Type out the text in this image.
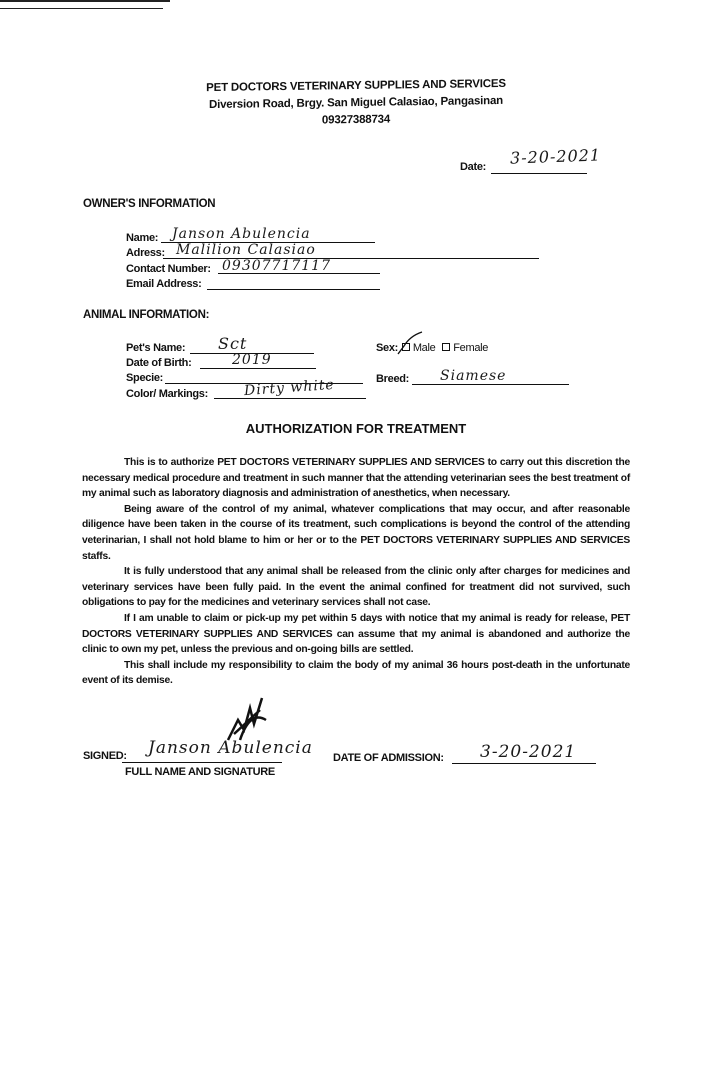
PET DOCTORS VETERINARY SUPPLIES AND SERVICES
Diversion Road, Brgy. San Miguel Calasiao, Pangasinan
09327388734
Date: 3-20-2021
OWNER'S INFORMATION
Name: Janson Abulencia
Adress: Malilion Calasiao
Contact Number: 09307717117
Email Address:
ANIMAL INFORMATION:
Pet's Name: Sct
Date of Birth:	2019
Specie:
Color/ Markings:	Dirty white
Sex: Male Female
Breed: Siamese
AUTHORIZATION FOR TREATMENT

This is to authorize PET DOCTORS VETERINARY SUPPLIES AND SERVICES to carry out this discretion the necessary medical procedure and treatment in such manner that the attending veterinarian sees the best treatment of my animal such as laboratory diagnosis and administration of anesthetics, when necessary.

Being aware of the control of my animal, whatever complications that may occur, and after reasonable diligence have been taken in the course of its treatment, such complications is beyond the control of the attending veterinarian, I shall not hold blame to him or her or to the PET DOCTORS VETERINARY SUPPLIES AND SERVICES staffs.

It is fully understood that any animal shall be released from the clinic only after charges for medicines and veterinary services have been fully paid. In the event the animal confined for treatment did not survived, such obligations to pay for the medicines and veterinary services shall not case.

If I am unable to claim or pick-up my pet within 5 days with notice that my animal is ready for release, PET DOCTORS VETERINARY SUPPLIES AND SERVICES can assume that my animal is abandoned and authorize the clinic to own my pet, unless the previous and on-going bills are settled.

This shall include my responsibility to claim the body of my animal 36 hours post-death in the unfortunate event of its demise.

SIGNED: Janson Abulencia
FULL NAME AND SIGNATURE
DATE OF ADMISSION: 3-20-2021
